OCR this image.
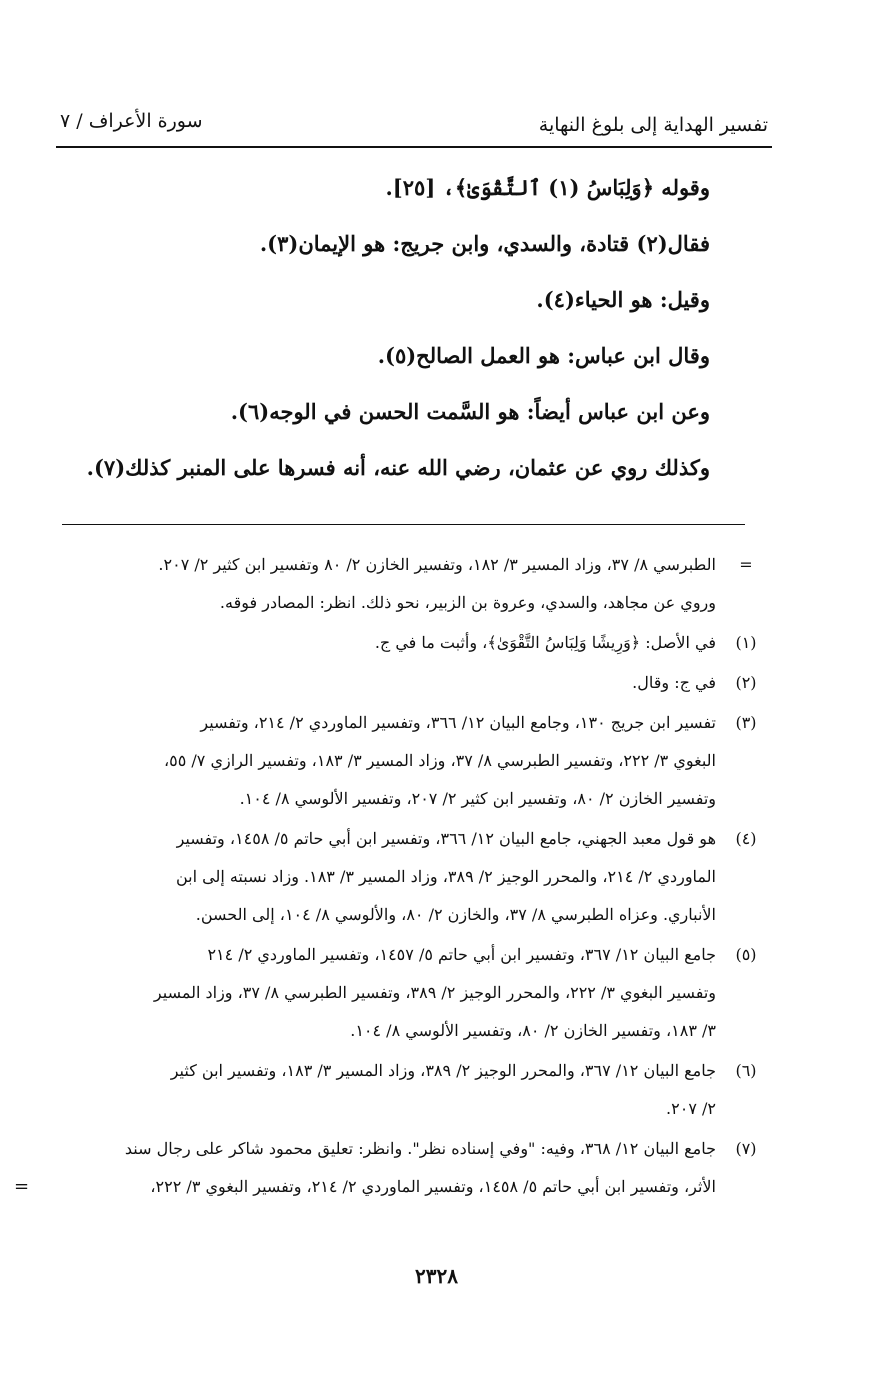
تفسير الهداية إلى بلوغ النهاية
سورة الأعراف / ٧
وقوله ﴿وَلِبَاسُ (١) ٱلتَّقْوَىٰ﴾، [٢٥].
فقال(٢) قتادة، والسدي، وابن جريج: هو الإيمان(٣).
وقيل: هو الحياء(٤).
وقال ابن عباس: هو العمل الصالح(٥).
وعن ابن عباس أيضاً: هو السَّمت الحسن في الوجه(٦).
وكذلك روي عن عثمان، رضي الله عنه، أنه فسرها على المنبر كذلك(٧).
=
الطبرسي ٨/ ٣٧، وزاد المسير ٣/ ١٨٢، وتفسير الخازن ٢/ ٨٠ وتفسير ابن كثير ٢/ ٢٠٧.
وروي عن مجاهد، والسدي، وعروة بن الزبير، نحو ذلك. انظر: المصادر فوقه.
(١)
في الأصل: ﴿وَرِيشًا وَلِبَاسُ التَّقْوَىٰ﴾، وأثبت ما في ج.
(٢)
في ج: وقال.
(٣)
تفسير ابن جريج ١٣٠، وجامع البيان ١٢/ ٣٦٦، وتفسير الماوردي ٢/ ٢١٤، وتفسير
البغوي ٣/ ٢٢٢، وتفسير الطبرسي ٨/ ٣٧، وزاد المسير ٣/ ١٨٣، وتفسير الرازي ٧/ ٥٥،
وتفسير الخازن ٢/ ٨٠، وتفسير ابن كثير ٢/ ٢٠٧، وتفسير الألوسي ٨/ ١٠٤.
(٤)
هو قول معبد الجهني، جامع البيان ١٢/ ٣٦٦، وتفسير ابن أبي حاتم ٥/ ١٤٥٨، وتفسير
الماوردي ٢/ ٢١٤، والمحرر الوجيز ٢/ ٣٨٩، وزاد المسير ٣/ ١٨٣. وزاد نسبته إلى ابن
الأنباري. وعزاه الطبرسي ٨/ ٣٧، والخازن ٢/ ٨٠، والألوسي ٨/ ١٠٤، إلى الحسن.
(٥)
جامع البيان ١٢/ ٣٦٧، وتفسير ابن أبي حاتم ٥/ ١٤٥٧، وتفسير الماوردي ٢/ ٢١٤
وتفسير البغوي ٣/ ٢٢٢، والمحرر الوجيز ٢/ ٣٨٩، وتفسير الطبرسي ٨/ ٣٧، وزاد المسير
٣/ ١٨٣، وتفسير الخازن ٢/ ٨٠، وتفسير الألوسي ٨/ ١٠٤.
(٦)
جامع البيان ١٢/ ٣٦٧، والمحرر الوجيز ٢/ ٣٨٩، وزاد المسير ٣/ ١٨٣، وتفسير ابن كثير
٢/ ٢٠٧.
(٧)
جامع البيان ١٢/ ٣٦٨، وفيه: "وفي إسناده نظر". وانظر: تعليق محمود شاكر على رجال سند
الأثر، وتفسير ابن أبي حاتم ٥/ ١٤٥٨، وتفسير الماوردي ٢/ ٢١٤، وتفسير البغوي ٣/ ٢٢٢،
=
٢٣٢٨
